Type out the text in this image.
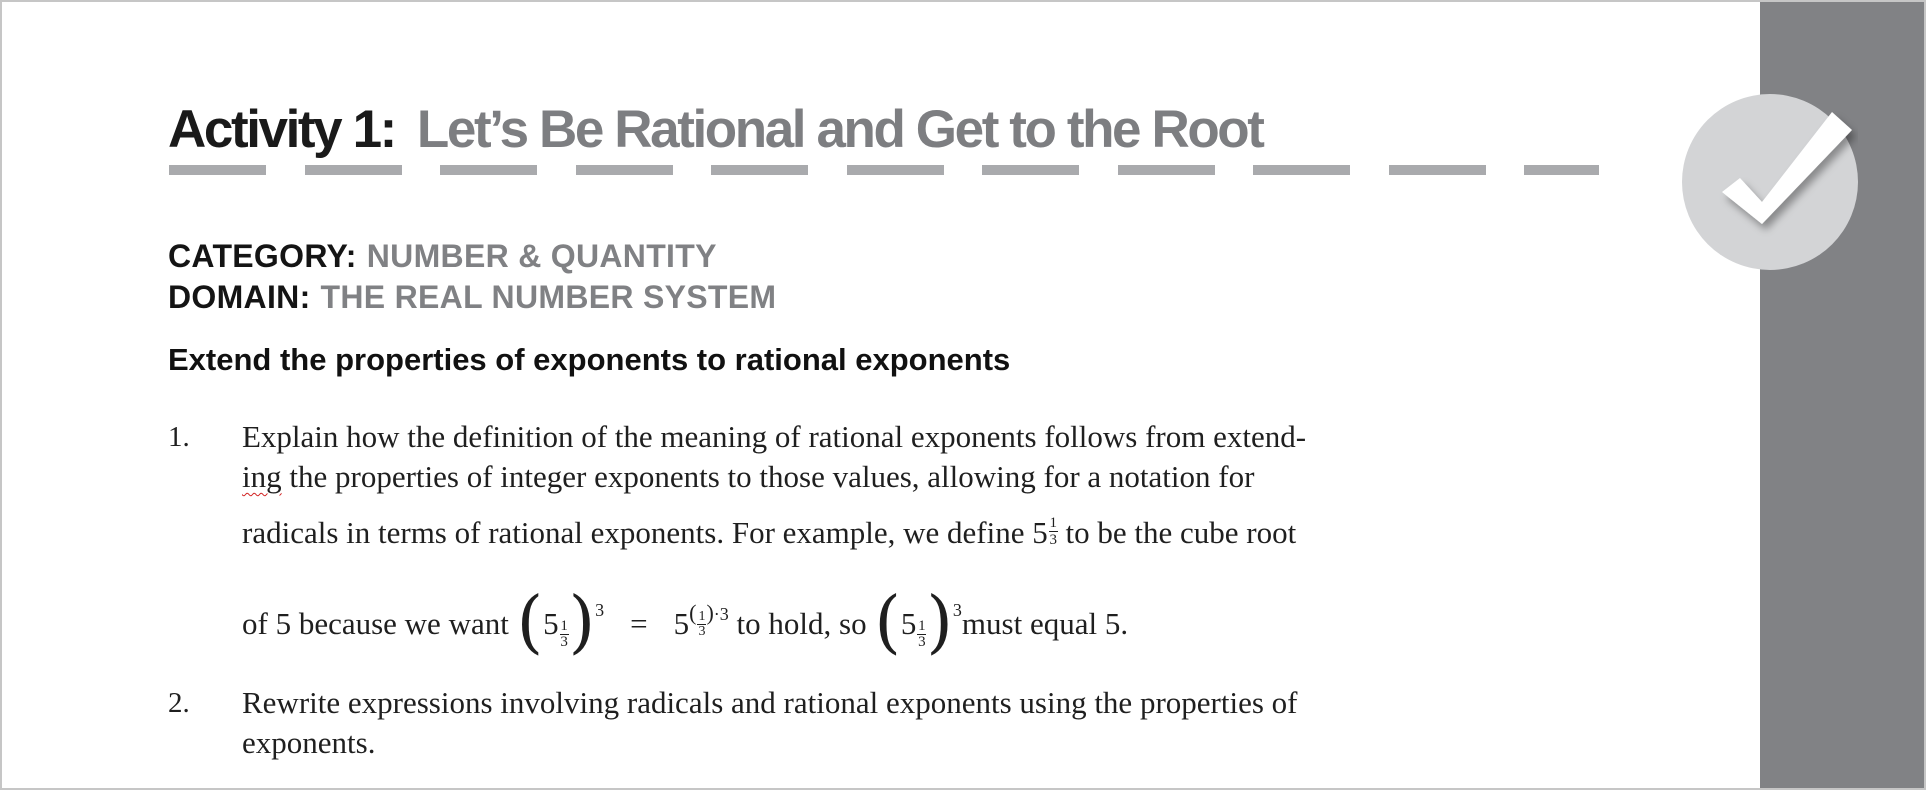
Activity 1: Let’s Be Rational and Get to the Root
CATEGORY: NUMBER & QUANTITY
DOMAIN: THE REAL NUMBER SYSTEM
Extend the properties of exponents to rational exponents
1. Explain how the definition of the meaning of rational exponents follows from extend-
ing the properties of integer exponents to those values, allowing for a notation for
radicals in terms of rational exponents. For example, we define $5 \frac{1}{3}$ to be the cube root
of 5 because we want $(5 \frac{1}{3} )^3 = 5^{( \frac{1}{3} )\cdot 3}$ to hold, so ($5 \frac{1}{3}$ )$^3$must equal 5.
2. Rewrite expressions involving radicals and rational exponents using the properties of
exponents.
